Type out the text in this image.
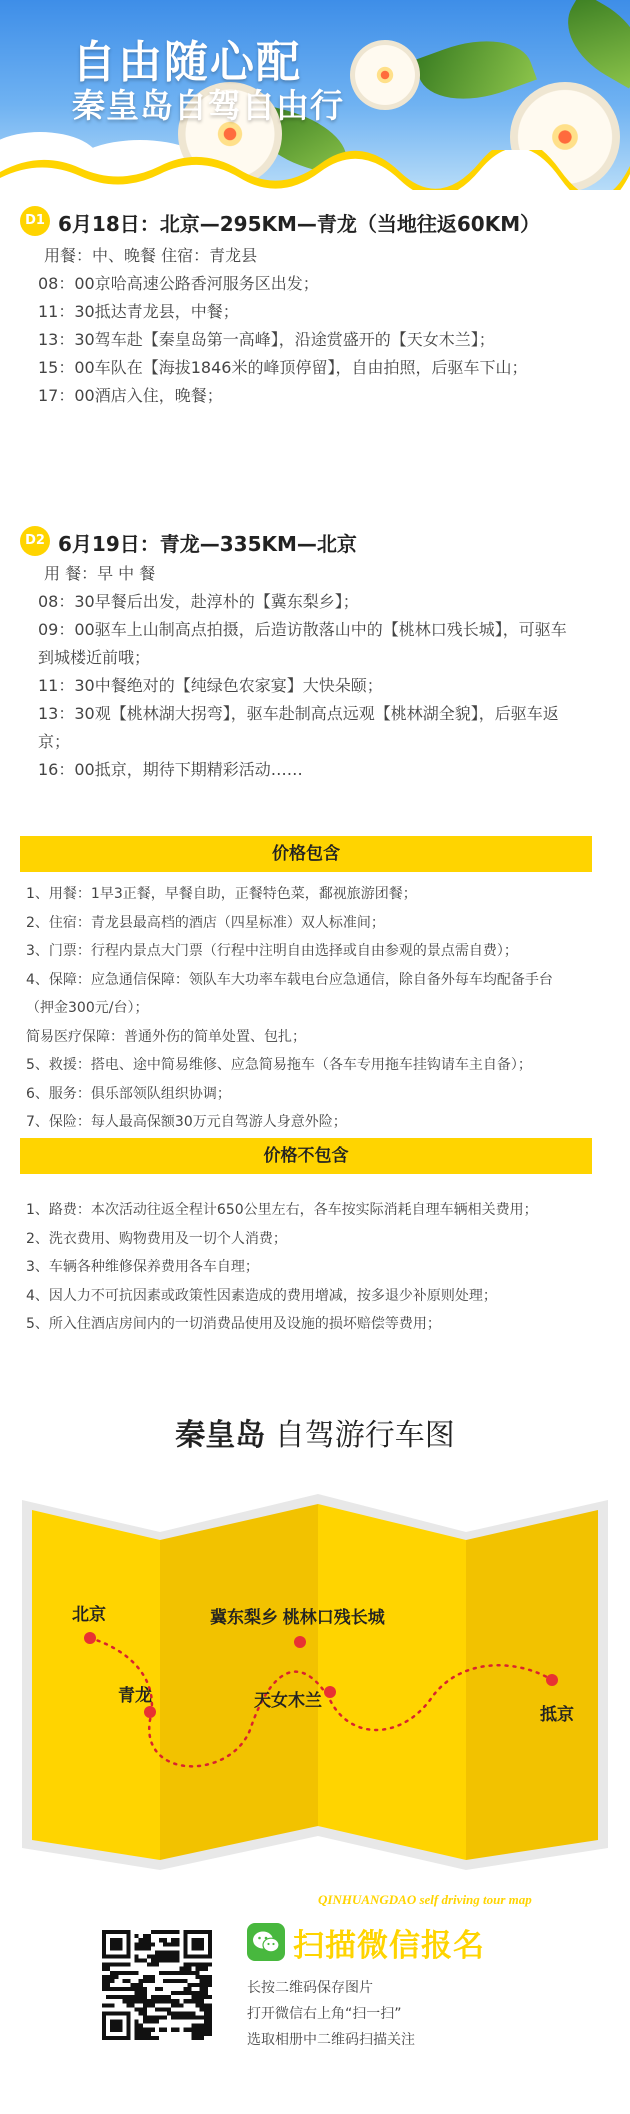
自由随心配
秦皇岛自驾自由行
D1 6月18日：北京—295KM—青龙（当地往返60KM）

用餐：中、晚餐 住宿：青龙县

08：00京哈高速公路香河服务区出发；

11：30抵达青龙县，中餐；

13：30驾车赴【秦皇岛第一高峰】，沿途赏盛开的【天女木兰】；

15：00车队在【海拔1846米的峰顶停留】，自由拍照，后驱车下山；

17：00酒店入住，晚餐；

D2 6月19日：青龙—335KM—北京

用 餐：早 中 餐

08：30早餐后出发，赴淳朴的【冀东梨乡】；

09：00驱车上山制高点拍摄，后造访散落山中的【桃林口残长城】，可驱车

到城楼近前哦；

11：30中餐绝对的【纯绿色农家宴】大快朵颐；

13：30观【桃林湖大拐弯】，驱车赴制高点远观【桃林湖全貌】，后驱车返

京；

16：00抵京，期待下期精彩活动……

价格包含

1、用餐：1早3正餐，早餐自助，正餐特色菜，鄱视旅游团餐；

2、住宿：青龙县最高档的酒店（四星标准）双人标准间；

3、门票：行程内景点大门票（行程中注明自由选择或自由参观的景点需自费）；

4、保障：应急通信保障：领队车大功率车载电台应急通信，除自备外每车均配备手台

（押金300元/台）；

简易医疗保障：普通外伤的简单处置、包扎；

5、救援：搭电、途中简易维修、应急简易拖车（各车专用拖车挂钩请车主自备）；

6、服务：俱乐部领队组织协调；

7、保险：每人最高保额30万元自驾游人身意外险；

价格不包含

1、路费：本次活动往返全程计650公里左右，各车按实际消耗自理车辆相关费用；

2、洗衣费用、购物费用及一切个人消费；

3、车辆各种维修保养费用各车自理；

4、因人力不可抗因素或政策性因素造成的费用增减，按多退少补原则处理；

5、所入住酒店房间内的一切消费品使用及设施的损坏赔偿等费用；

秦皇岛 自驾游行车图
北京
青龙
冀东梨乡 桃林口残长城
天女木兰
抵京
QINHUANGDAO self driving tour map
扫描微信报名

长按二维码保存图片

打开微信右上角“扫一扫”

选取相册中二维码扫描关注
